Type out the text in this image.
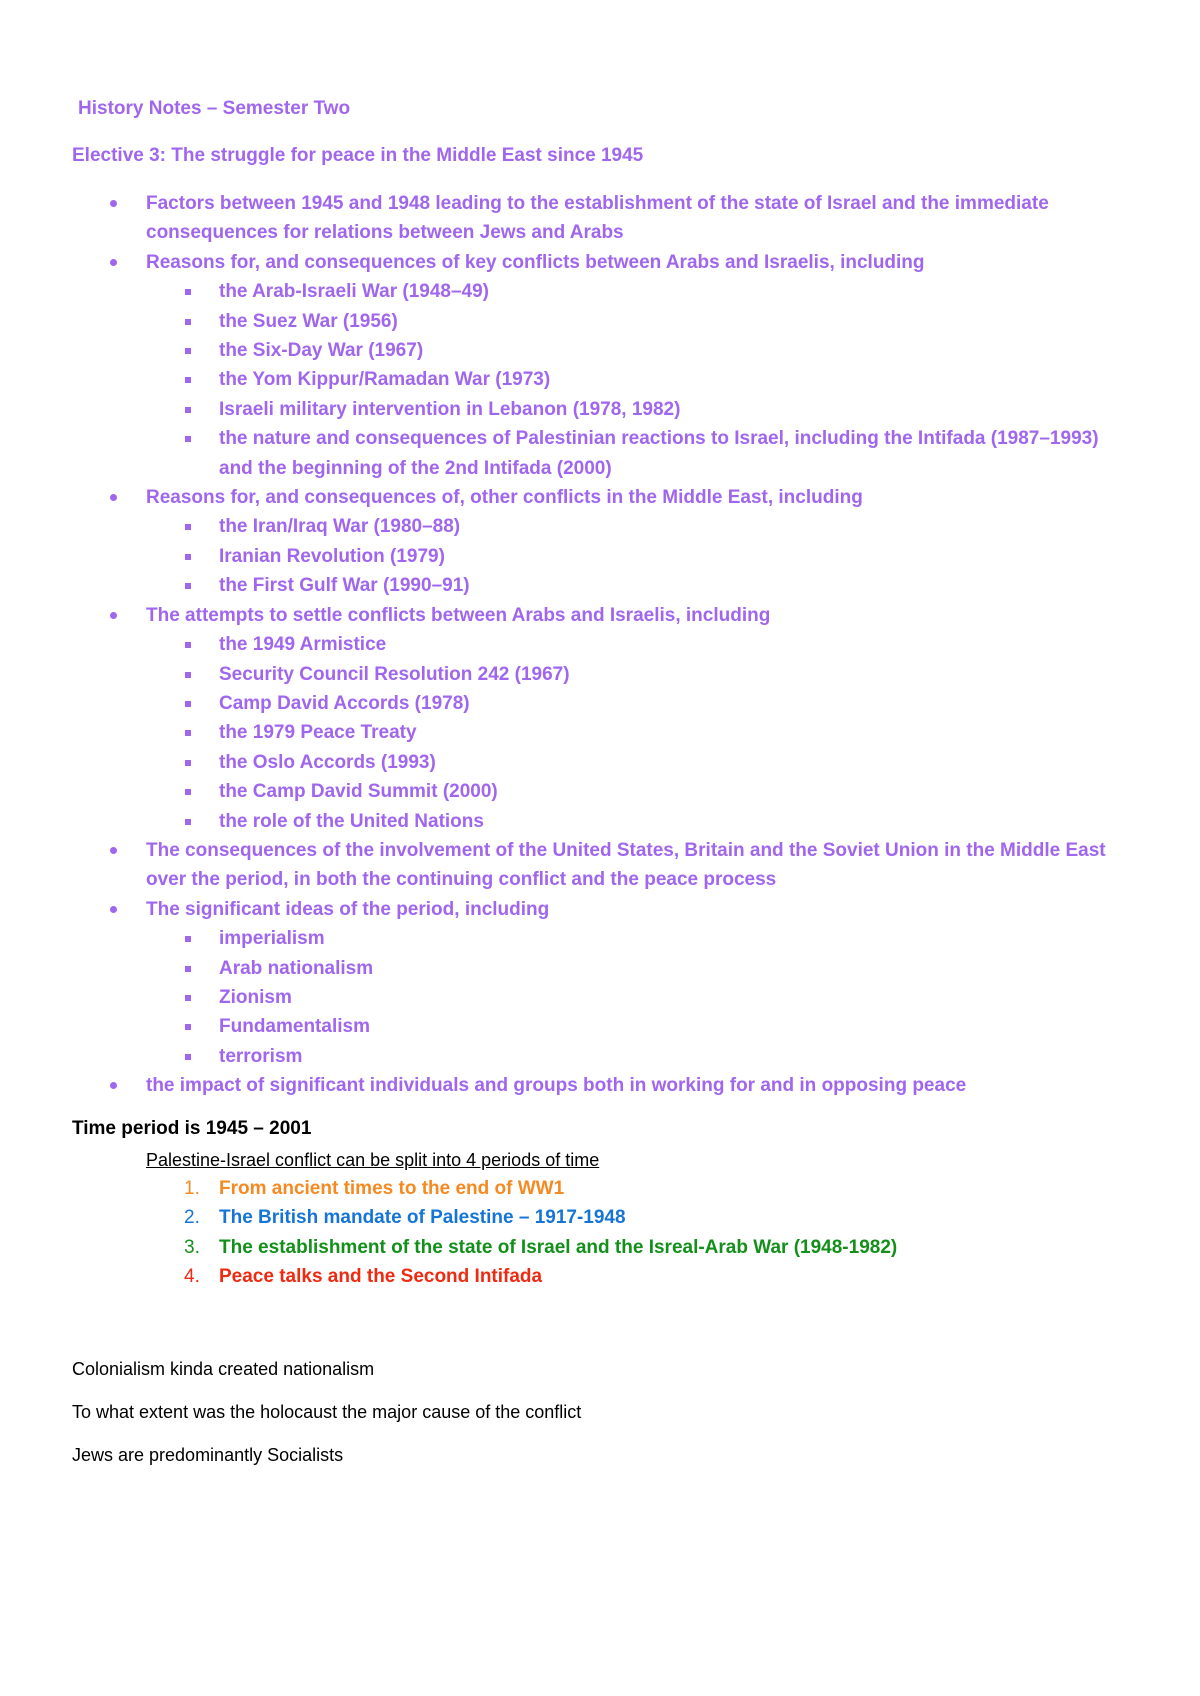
History Notes – Semester Two

Elective 3: The struggle for peace in the Middle East since 1945

Factors between 1945 and 1948 leading to the establishment of the state of Israel and the immediate
consequences for relations between Jews and Arabs
Reasons for, and consequences of key conflicts between Arabs and Israelis, including
the Arab-Israeli War (1948–49)
the Suez War (1956)
the Six-Day War (1967)
the Yom Kippur/Ramadan War (1973)
Israeli military intervention in Lebanon (1978, 1982)
the nature and consequences of Palestinian reactions to Israel, including the Intifada (1987–1993)
and the beginning of the 2nd Intifada (2000)
Reasons for, and consequences of, other conflicts in the Middle East, including
the Iran/Iraq War (1980–88)
Iranian Revolution (1979)
the First Gulf War (1990–91)
The attempts to settle conflicts between Arabs and Israelis, including
the 1949 Armistice
Security Council Resolution 242 (1967)
Camp David Accords (1978)
the 1979 Peace Treaty
the Oslo Accords (1993)
the Camp David Summit (2000)
the role of the United Nations
The consequences of the involvement of the United States, Britain and the Soviet Union in the Middle East
over the period, in both the continuing conflict and the peace process
The significant ideas of the period, including
imperialism
Arab nationalism
Zionism
Fundamentalism
terrorism
the impact of significant individuals and groups both in working for and in opposing peace

Time period is 1945 – 2001

Palestine-Israel conflict can be split into 4 periods of time

1. From ancient times to the end of WW1
2. The British mandate of Palestine – 1917-1948
3. The establishment of the state of Israel and the Isreal-Arab War (1948-1982)
4. Peace talks and the Second Intifada

Colonialism kinda created nationalism

To what extent was the holocaust the major cause of the conflict

Jews are predominantly Socialists
